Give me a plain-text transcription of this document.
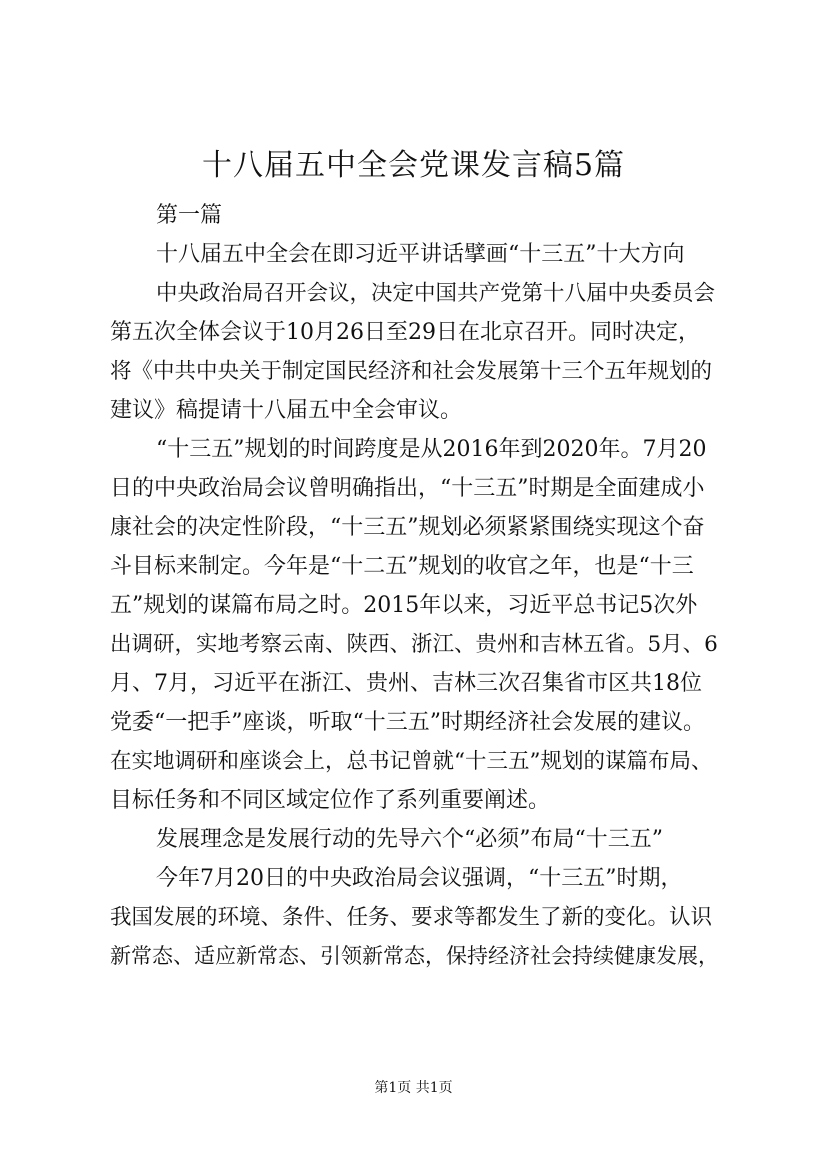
十八届五中全会党课发言稿5篇
第一篇
十八届五中全会在即习近平讲话擘画“十三五”十大方向
中央政治局召开会议，决定中国共产党第十八届中央委员会
第五次全体会议于10月26日至29日在北京召开。同时决定，
将《中共中央关于制定国民经济和社会发展第十三个五年规划的
建议》稿提请十八届五中全会审议。
“十三五”规划的时间跨度是从2016年到2020年。7月20
日的中央政治局会议曾明确指出，“十三五”时期是全面建成小
康社会的决定性阶段，“十三五”规划必须紧紧围绕实现这个奋
斗目标来制定。今年是“十二五”规划的收官之年，也是“十三
五”规划的谋篇布局之时。2015年以来，习近平总书记5次外
出调研，实地考察云南、陕西、浙江、贵州和吉林五省。5月、6
月、7月，习近平在浙江、贵州、吉林三次召集省市区共18位
党委“一把手”座谈，听取“十三五”时期经济社会发展的建议。
在实地调研和座谈会上，总书记曾就“十三五”规划的谋篇布局、
目标任务和不同区域定位作了系列重要阐述。
发展理念是发展行动的先导六个“必须”布局“十三五”
今年7月20日的中央政治局会议强调，“十三五”时期，
我国发展的环境、条件、任务、要求等都发生了新的变化。认识
新常态、适应新常态、引领新常态，保持经济社会持续健康发展，
第1页 共1页
